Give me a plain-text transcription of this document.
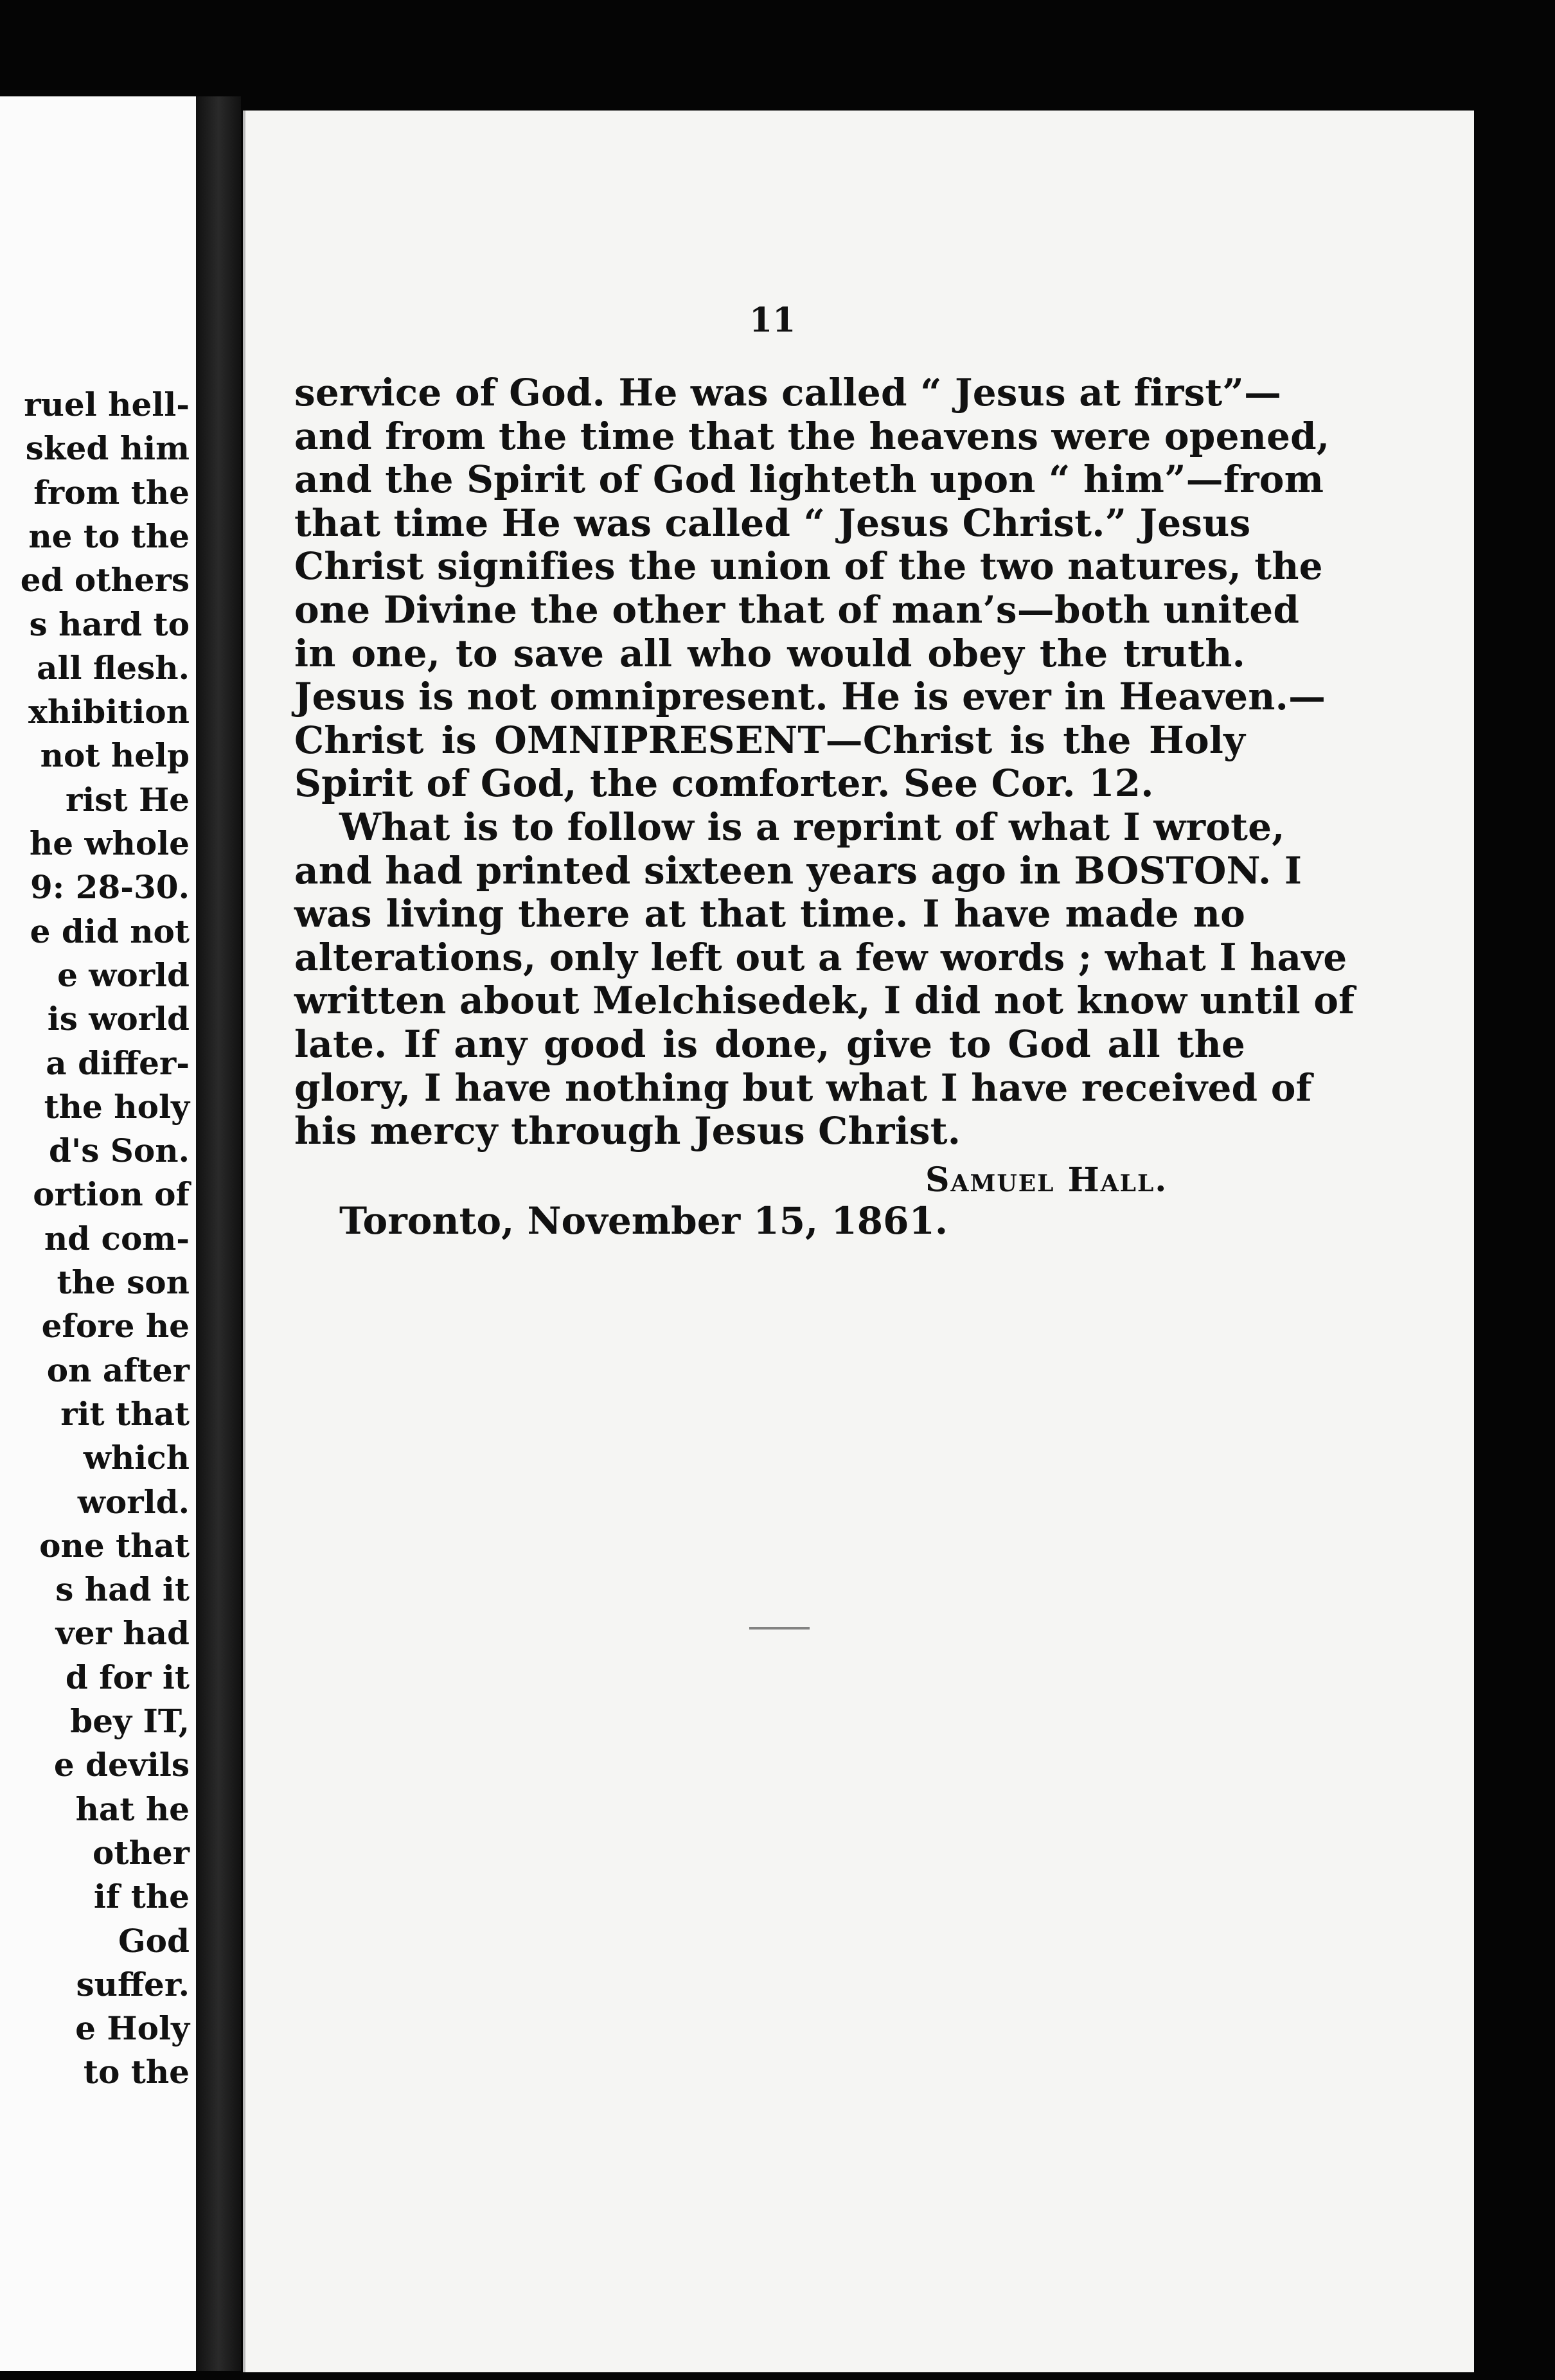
ruel hell-
sked him
from the
ne to the
ed others
s hard to
all flesh.
xhibition
not help
rist He
he whole
9: 28-30.
e did not
e world
is world
a differ-
the holy
d's Son.
ortion of
nd com-
the son
efore he
on after
rit that
which
world.
one that
s had it
ver had
d for it
bey IT,
e devils
hat he
other
if the
God
suffer.
e Holy
to the
11
service of God. He was called “ Jesus at first”—
and from the time that the heavens were opened,
and the Spirit of God lighteth upon “ him”—from
that time He was called “ Jesus Christ.” Jesus
Christ signifies the union of the two natures, the
one Divine the other that of man’s—both united
in one, to save all who would obey the truth.
Jesus is not omnipresent. He is ever in Heaven.—
Christ is OMNIPRESENT—Christ is the Holy
Spirit of God, the comforter. See Cor. 12.
What is to follow is a reprint of what I wrote,
and had printed sixteen years ago in BOSTON. I
was living there at that time. I have made no
alterations, only left out a few words ; what I have
written about Melchisedek, I did not know until of
late. If any good is done, give to God all the
glory, I have nothing but what I have received of
his mercy through Jesus Christ.
Samuel Hall.
Toronto, November 15, 1861.
